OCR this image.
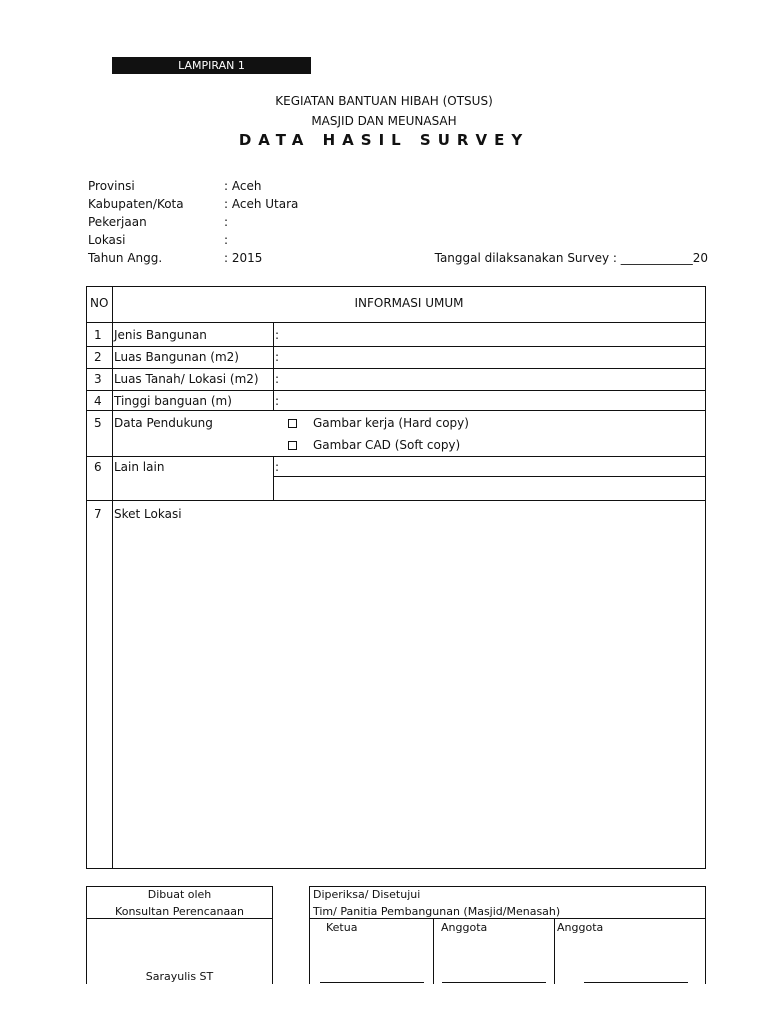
LAMPIRAN 1
KEGIATAN BANTUAN HIBAH (OTSUS)
MASJID DAN MEUNASAH
DATA HASIL SURVEY
Provinsi	: Aceh
Kabupaten/Kota	: Aceh Utara
Pekerjaan	:
Lokasi	:
Tahun Angg.	: 2015	Tanggal dilaksanakan Survey : ____________20
NO	INFORMASI UMUM
1 Jenis Bangunan	:
2 Luas Bangunan (m2)	:
3 Luas Tanah/ Lokasi (m2) :
4 Tinggi banguan (m)	:
5 Data Pendukung	Gambar kerja (Hard copy)
Gambar CAD (Soft copy)
6 Lain lain	:
7 Sket Lokasi
Dibuat oleh
Konsultan Perencanaan
Sarayulis ST
Diperiksa/ Disetujui
Tim/ Panitia Pembangunan (Masjid/Menasah)
Ketua	Anggota	Anggota
